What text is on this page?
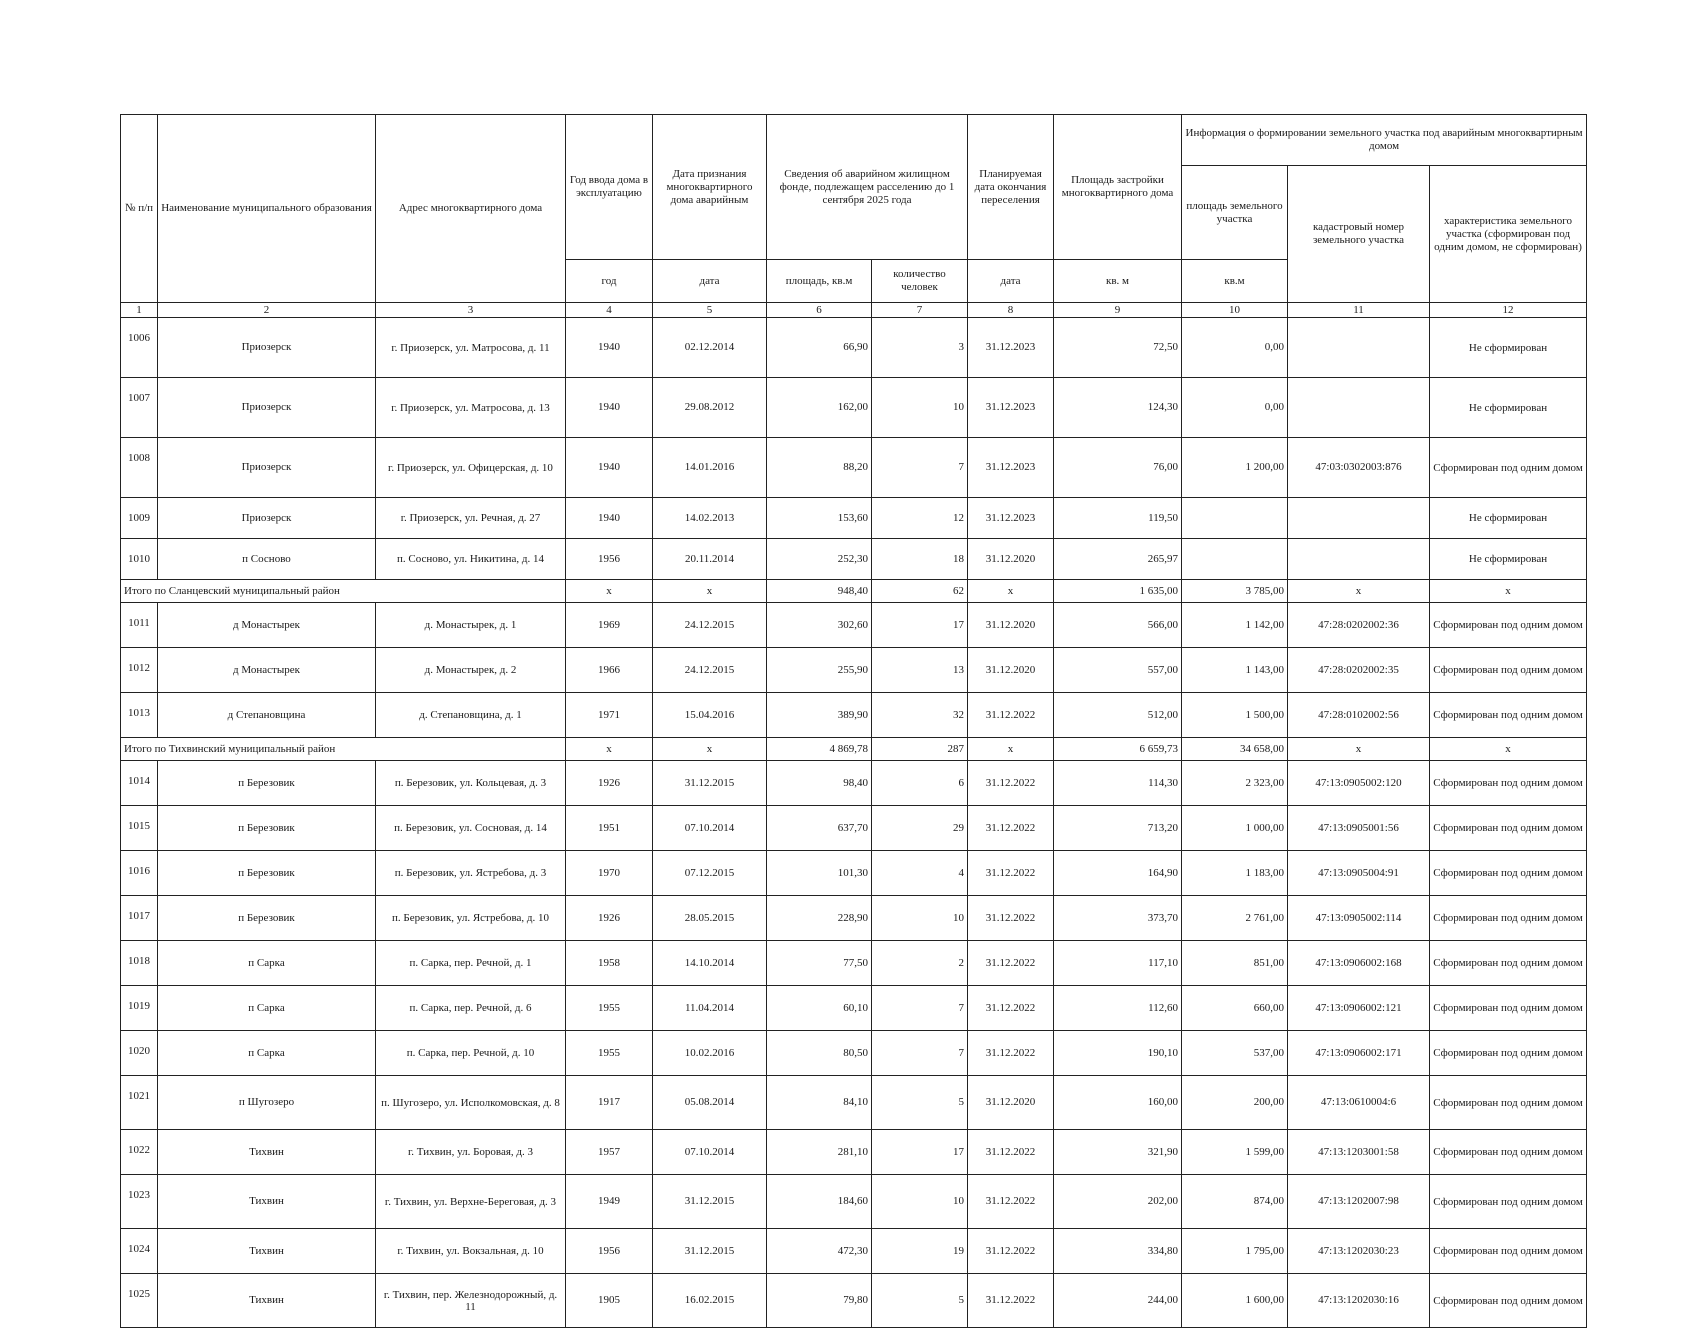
№ п/п	Наименование муниципального образования	Адрес многоквартирного дома	Год ввода дома в эксплуатацию	Дата признания многоквартирного дома аварийным	Сведения об аварийном жилищном фонде, подлежащем расселению до 1 сентября 2025 года		Планируемая дата окончания переселения	Площадь застройки многоквартирного дома	Информация о формировании земельного участка под аварийным многоквартирным домом		
									площадь земельного участка	кадастровый номер земельного участка	характеристика земельного участка (сформирован под одним домом, не сформирован)
			год	дата	площадь, кв.м	количество человек	дата	кв. м	кв.м		
1	2	3	4	5	6	7	8	9	10	11	12
1006	Приозерск	г. Приозерск, ул. Матросова, д. 11	1940	02.12.2014	66,90	3	31.12.2023	72,50	0,00		Не сформирован
1007	Приозерск	г. Приозерск, ул. Матросова, д. 13	1940	29.08.2012	162,00	10	31.12.2023	124,30	0,00		Не сформирован
1008	Приозерск	г. Приозерск, ул. Офицерская, д. 10	1940	14.01.2016	88,20	7	31.12.2023	76,00	1 200,00	47:03:0302003:876	Сформирован под одним домом
1009	Приозерск	г. Приозерск, ул. Речная, д. 27	1940	14.02.2013	153,60	12	31.12.2023	119,50			Не сформирован
1010	п Сосново	п. Сосново, ул. Никитина, д. 14	1956	20.11.2014	252,30	18	31.12.2020	265,97			Не сформирован
Итого по Сланцевский муниципальный район			x	x	948,40	62	x	1 635,00	3 785,00	x	x
1011	д Монастырек	д. Монастырек, д. 1	1969	24.12.2015	302,60	17	31.12.2020	566,00	1 142,00	47:28:0202002:36	Сформирован под одним домом
1012	д Монастырек	д. Монастырек, д. 2	1966	24.12.2015	255,90	13	31.12.2020	557,00	1 143,00	47:28:0202002:35	Сформирован под одним домом
1013	д Степановщина	д. Степановщина, д. 1	1971	15.04.2016	389,90	32	31.12.2022	512,00	1 500,00	47:28:0102002:56	Сформирован под одним домом
Итого по Тихвинский муниципальный район			x	x	4 869,78	287	x	6 659,73	34 658,00	x	x
1014	п Березовик	п. Березовик, ул. Кольцевая, д. 3	1926	31.12.2015	98,40	6	31.12.2022	114,30	2 323,00	47:13:0905002:120	Сформирован под одним домом
1015	п Березовик	п. Березовик, ул. Сосновая, д. 14	1951	07.10.2014	637,70	29	31.12.2022	713,20	1 000,00	47:13:0905001:56	Сформирован под одним домом
1016	п Березовик	п. Березовик, ул. Ястребова, д. 3	1970	07.12.2015	101,30	4	31.12.2022	164,90	1 183,00	47:13:0905004:91	Сформирован под одним домом
1017	п Березовик	п. Березовик, ул. Ястребова, д. 10	1926	28.05.2015	228,90	10	31.12.2022	373,70	2 761,00	47:13:0905002:114	Сформирован под одним домом
1018	п Сарка	п. Сарка, пер. Речной, д. 1	1958	14.10.2014	77,50	2	31.12.2022	117,10	851,00	47:13:0906002:168	Сформирован под одним домом
1019	п Сарка	п. Сарка, пер. Речной, д. 6	1955	11.04.2014	60,10	7	31.12.2022	112,60	660,00	47:13:0906002:121	Сформирован под одним домом
1020	п Сарка	п. Сарка, пер. Речной, д. 10	1955	10.02.2016	80,50	7	31.12.2022	190,10	537,00	47:13:0906002:171	Сформирован под одним домом
1021	п Шугозеро	п. Шугозеро, ул. Исполкомовская, д. 8	1917	05.08.2014	84,10	5	31.12.2020	160,00	200,00	47:13:0610004:6	Сформирован под одним домом
1022	Тихвин	г. Тихвин, ул. Боровая, д. 3	1957	07.10.2014	281,10	17	31.12.2022	321,90	1 599,00	47:13:1203001:58	Сформирован под одним домом
1023	Тихвин	г. Тихвин, ул. Верхне-Береговая, д. 3	1949	31.12.2015	184,60	10	31.12.2022	202,00	874,00	47:13:1202007:98	Сформирован под одним домом
1024	Тихвин	г. Тихвин, ул. Вокзальная, д. 10	1956	31.12.2015	472,30	19	31.12.2022	334,80	1 795,00	47:13:1202030:23	Сформирован под одним домом
1025	Тихвин	г. Тихвин, пер. Железнодорожный, д. 11	1905	16.02.2015	79,80	5	31.12.2022	244,00	1 600,00	47:13:1202030:16	Сформирован под одним домом
